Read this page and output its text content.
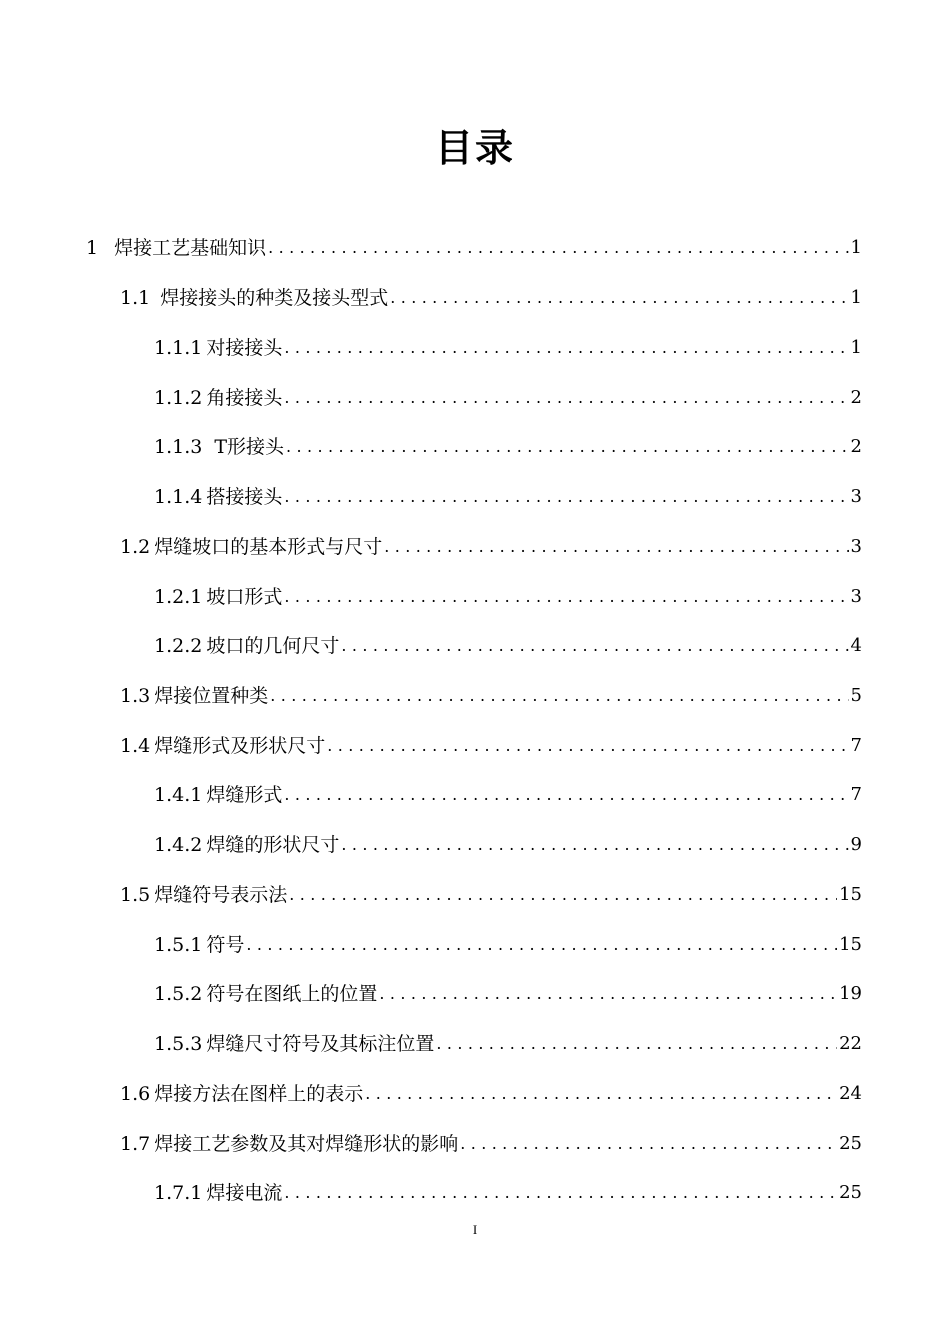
目录
1 焊接工艺基础知识 .....	1
1.1 焊接接头的种类及接头型式 .....	1
1.1.1 对接接头 .....	1
1.1.2 角接接头 .....	2
1.1.3 T形接头 .....	2
1.1.4 搭接接头 .....	3
1.2 焊缝坡口的基本形式与尺寸 .....	3
1.2.1 坡口形式 .....	3
1.2.2 坡口的几何尺寸 .....	4
1.3 焊接位置种类 .....	5
1.4 焊缝形式及形状尺寸 .....	7
1.4.1 焊缝形式 .....	7
1.4.2 焊缝的形状尺寸 .....	9
1.5 焊缝符号表示法 .....	15
1.5.1 符号 .....	15
1.5.2 符号在图纸上的位置 .....	19
1.5.3 焊缝尺寸符号及其标注位置 .....	22
1.6 焊接方法在图样上的表示 .....	24
1.7 焊接工艺参数及其对焊缝形状的影响 .....	25
1.7.1 焊接电流 .....	25
I
